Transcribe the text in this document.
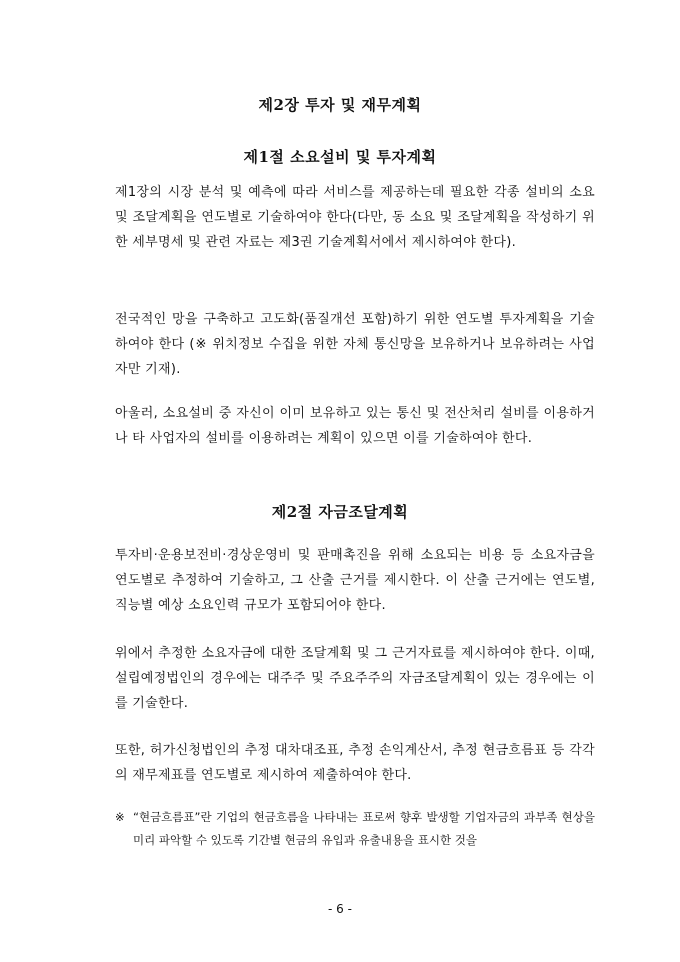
제2장 투자 및 재무계획
제1절 소요설비 및 투자계획

제1장의 시장 분석 및 예측에 따라 서비스를 제공하는데 필요한 각종 설비의 소요 및 조달계획을 연도별로 기술하여야 한다(다만, 동 소요 및 조달계획을 작성하기 위한 세부명세 및 관련 자료는 제3권 기술계획서에서 제시하여야 한다).

전국적인 망을 구축하고 고도화(품질개선 포함)하기 위한 연도별 투자계획을 기술하여야 한다 (※ 위치정보 수집을 위한 자체 통신망을 보유하거나 보유하려는 사업자만 기재).

아울러, 소요설비 중 자신이 이미 보유하고 있는 통신 및 전산처리 설비를 이용하거나 타 사업자의 설비를 이용하려는 계획이 있으면 이를 기술하여야 한다.

제2절 자금조달계획

투자비·운용보전비·경상운영비 및 판매촉진을 위해 소요되는 비용 등 소요자금을 연도별로 추정하여 기술하고, 그 산출 근거를 제시한다. 이 산출 근거에는 연도별, 직능별 예상 소요인력 규모가 포함되어야 한다.

위에서 추정한 소요자금에 대한 조달계획 및 그 근거자료를 제시하여야 한다. 이때, 설립예정법인의 경우에는 대주주 및 주요주주의 자금조달계획이 있는 경우에는 이를 기술한다.

또한, 허가신청법인의 추정 대차대조표, 추정 손익계산서, 추정 현금흐름표 등 각각의 재무제표를 연도별로 제시하여 제출하여야 한다.

※ “현금흐름표”란 기업의 현금흐름을 나타내는 표로써 향후 발생할 기업자금의 과부족 현상을 미리 파악할 수 있도록 기간별 현금의 유입과 유출내용을 표시한 것을
- 6 -
